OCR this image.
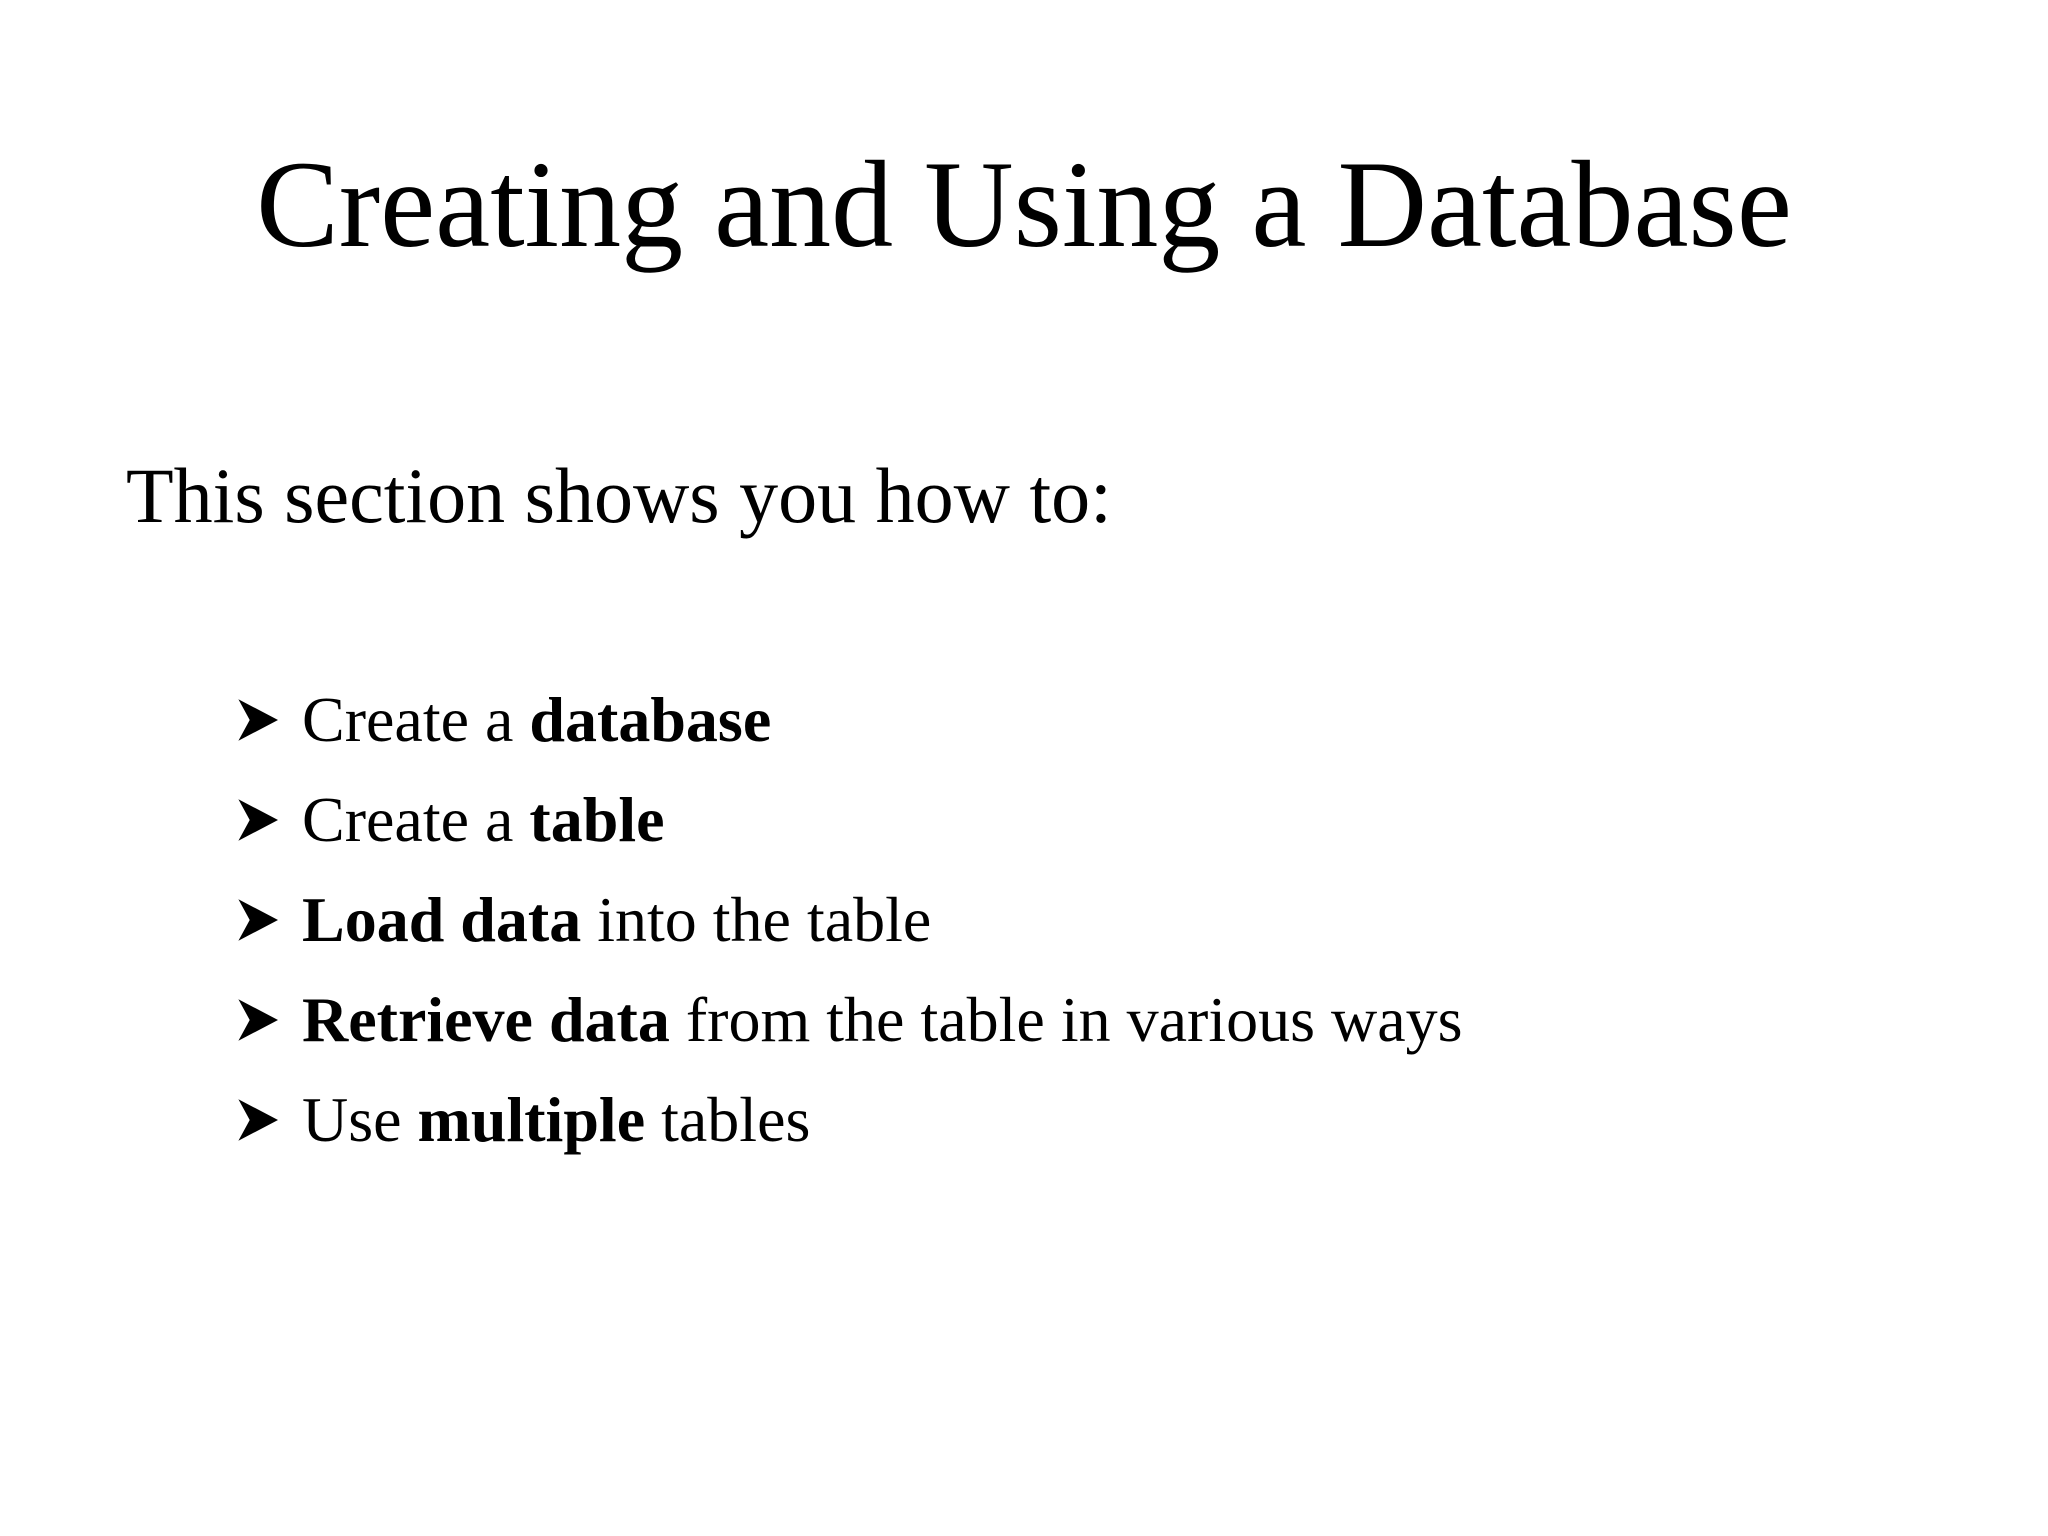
Creating and Using a Database

This section shows you how to:

Create a database
Create a table
Load data into the table
Retrieve data from the table in various ways
Use multiple tables
